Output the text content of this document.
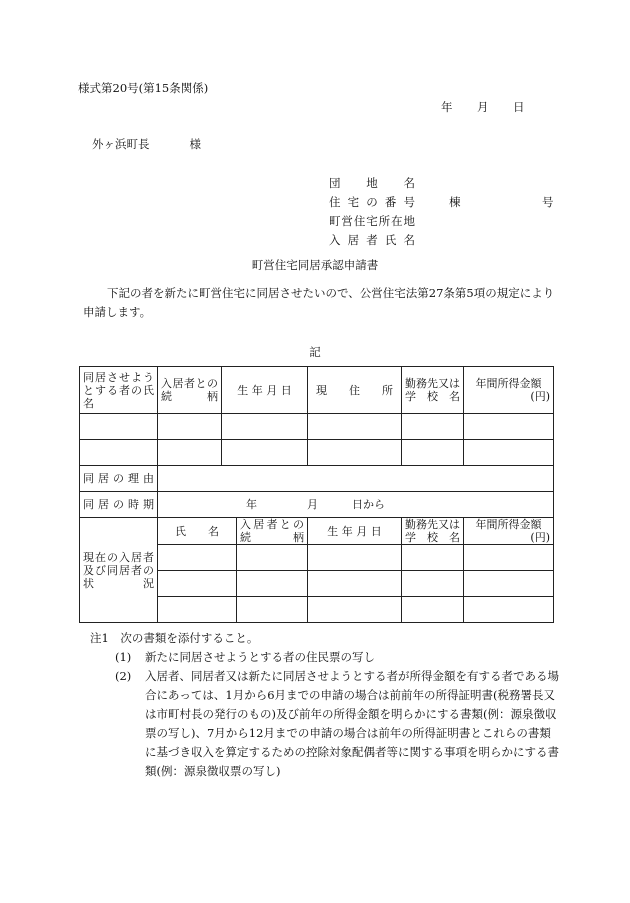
様式第20号(第15条関係)
年 月 日
外ヶ浜町長	様
団　地　名
住 宅 の 番 号	棟	号
町営住宅所在地
入 居 者 氏 名
町営住宅同居承認申請書
下記の者を新たに町営住宅に同居させたいので、公営住宅法第27条第5項の規定により申請します。
記
同居させようとする者の氏名	入居者との続柄	生 年 月 日		現　　住　　所	勤務先又は学校名	年間所得金額
(円)

同居の理由						
同居の時期	年 月 日から					
現在の入居者及び同居者の状況	氏　　名		入居者との続柄	生 年 月 日	勤務先又は学校名	年間所得金額
(円)

注1　次の書類を添付すること。
(1) 新たに同居させようとする者の住民票の写し
(2) 入居者、同居者又は新たに同居させようとする者が所得金額を有する者である場合にあっては、1月から6月までの申請の場合は前前年の所得証明書(税務署長又は市町村長の発行のもの)及び前年の所得金額を明らかにする書類(例：源泉徴収票の写し)、7月から12月までの申請の場合は前年の所得証明書とこれらの書類に基づき収入を算定するための控除対象配偶者等に関する事項を明らかにする書類(例：源泉徴収票の写し)
